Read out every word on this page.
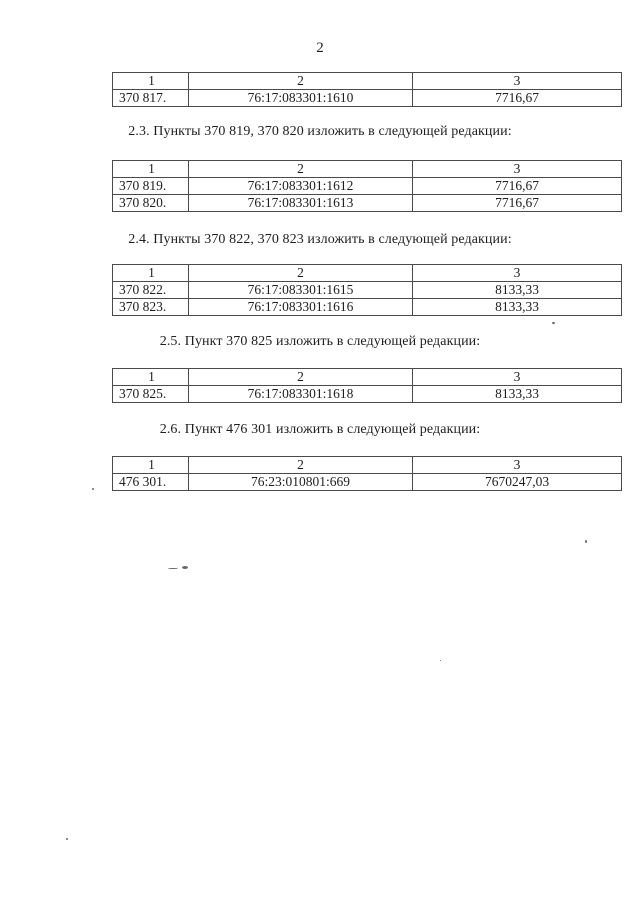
2
1	2	3
370 817.	76:17:083301:1610	7716,67
2.3. Пункты 370 819, 370 820 изложить в следующей редакции:
1	2	3
370 819.	76:17:083301:1612	7716,67
370 820.	76:17:083301:1613	7716,67
2.4. Пункты 370 822, 370 823 изложить в следующей редакции:
1	2	3
370 822.	76:17:083301:1615	8133,33
370 823.	76:17:083301:1616	8133,33
2.5. Пункт 370 825 изложить в следующей редакции:
1	2	3
370 825.	76:17:083301:1618	8133,33
2.6. Пункт 476 301 изложить в следующей редакции:
1	2	3
476 301.	76:23:010801:669	7670247,03
